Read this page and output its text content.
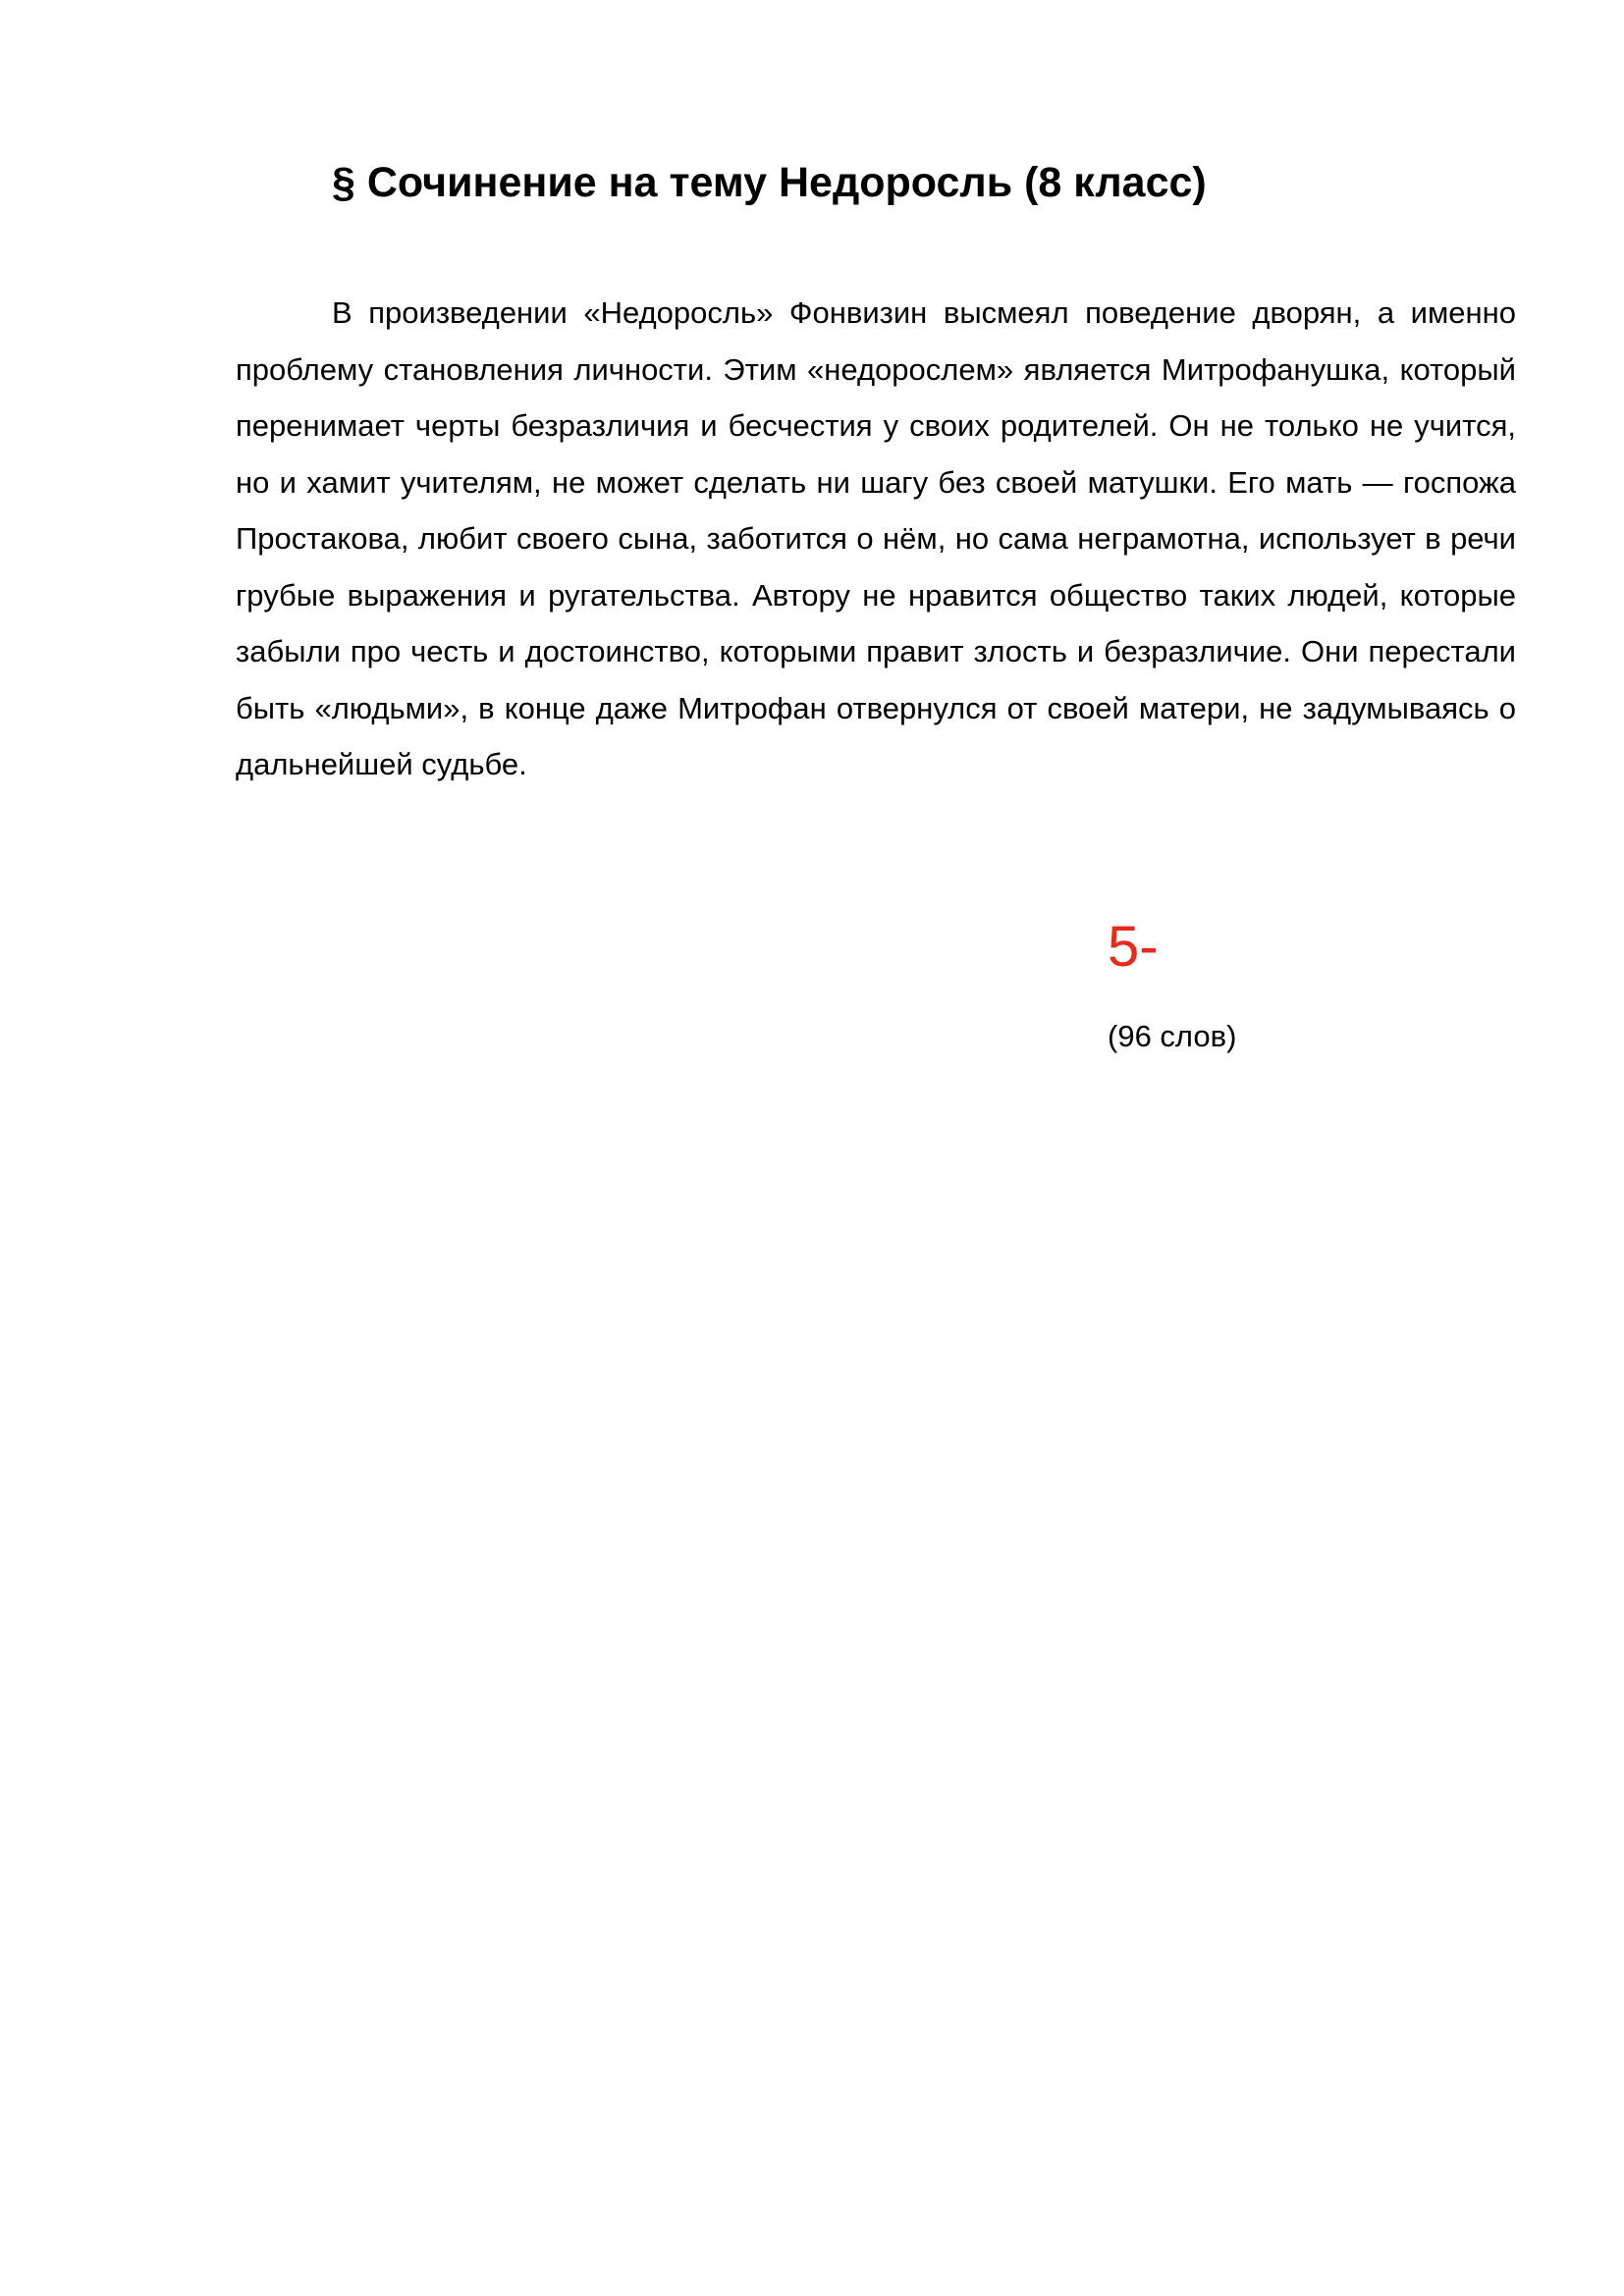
§ Сочинение на тему Недоросль (8 класс)

В произведении «Недоросль» Фонвизин высмеял поведение дворян, а именно проблему становления личности. Этим «недорослем» является Митрофанушка, который перенимает черты безразличия и бесчестия у своих родителей. Он не только не учится, но и хамит учителям, не может сделать ни шагу без своей матушки. Его мать — госпожа Простакова, любит своего сына, заботится о нём, но сама неграмотна, использует в речи грубые выражения и ругательства. Автору не нравится общество таких людей, которые забыли про честь и достоинство, которыми правит злость и безразличие. Они перестали быть «людьми», в конце даже Митрофан отвернулся от своей матери, не задумываясь о дальнейшей судьбе.

5-
(96 слов)
